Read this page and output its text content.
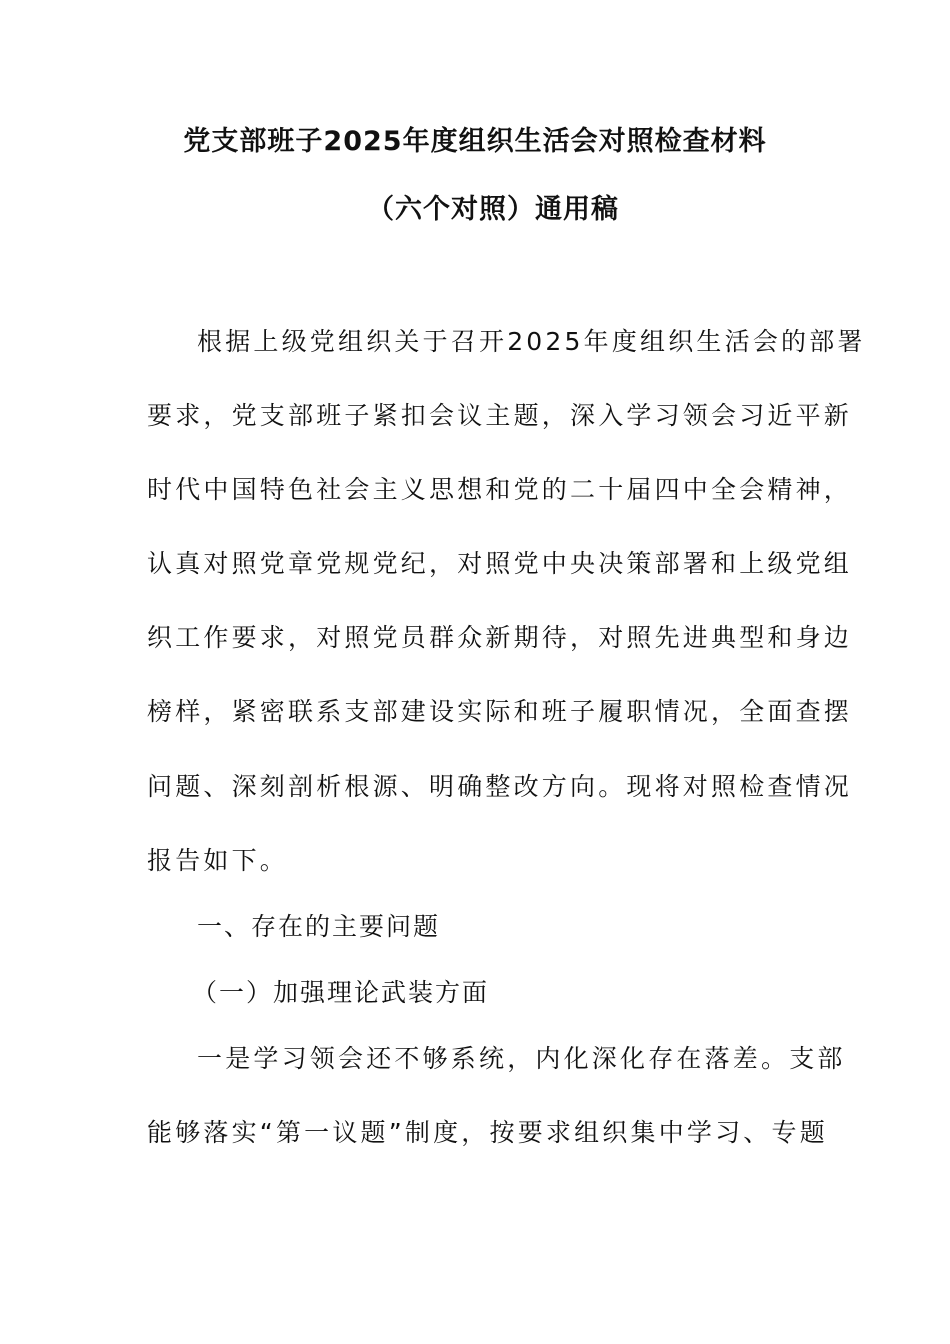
党支部班子2025年度组织生活会对照检查材料
（六个对照）通用稿
根据上级党组织关于召开2025年度组织生活会的部署
要求，党支部班子紧扣会议主题，深入学习领会习近平新
时代中国特色社会主义思想和党的二十届四中全会精神，
认真对照党章党规党纪，对照党中央决策部署和上级党组
织工作要求，对照党员群众新期待，对照先进典型和身边
榜样，紧密联系支部建设实际和班子履职情况，全面查摆
问题、深刻剖析根源、明确整改方向。现将对照检查情况
报告如下。
一、存在的主要问题
（一）加强理论武装方面
一是学习领会还不够系统，内化深化存在落差。支部
能够落实“第一议题”制度，按要求组织集中学习、专题
